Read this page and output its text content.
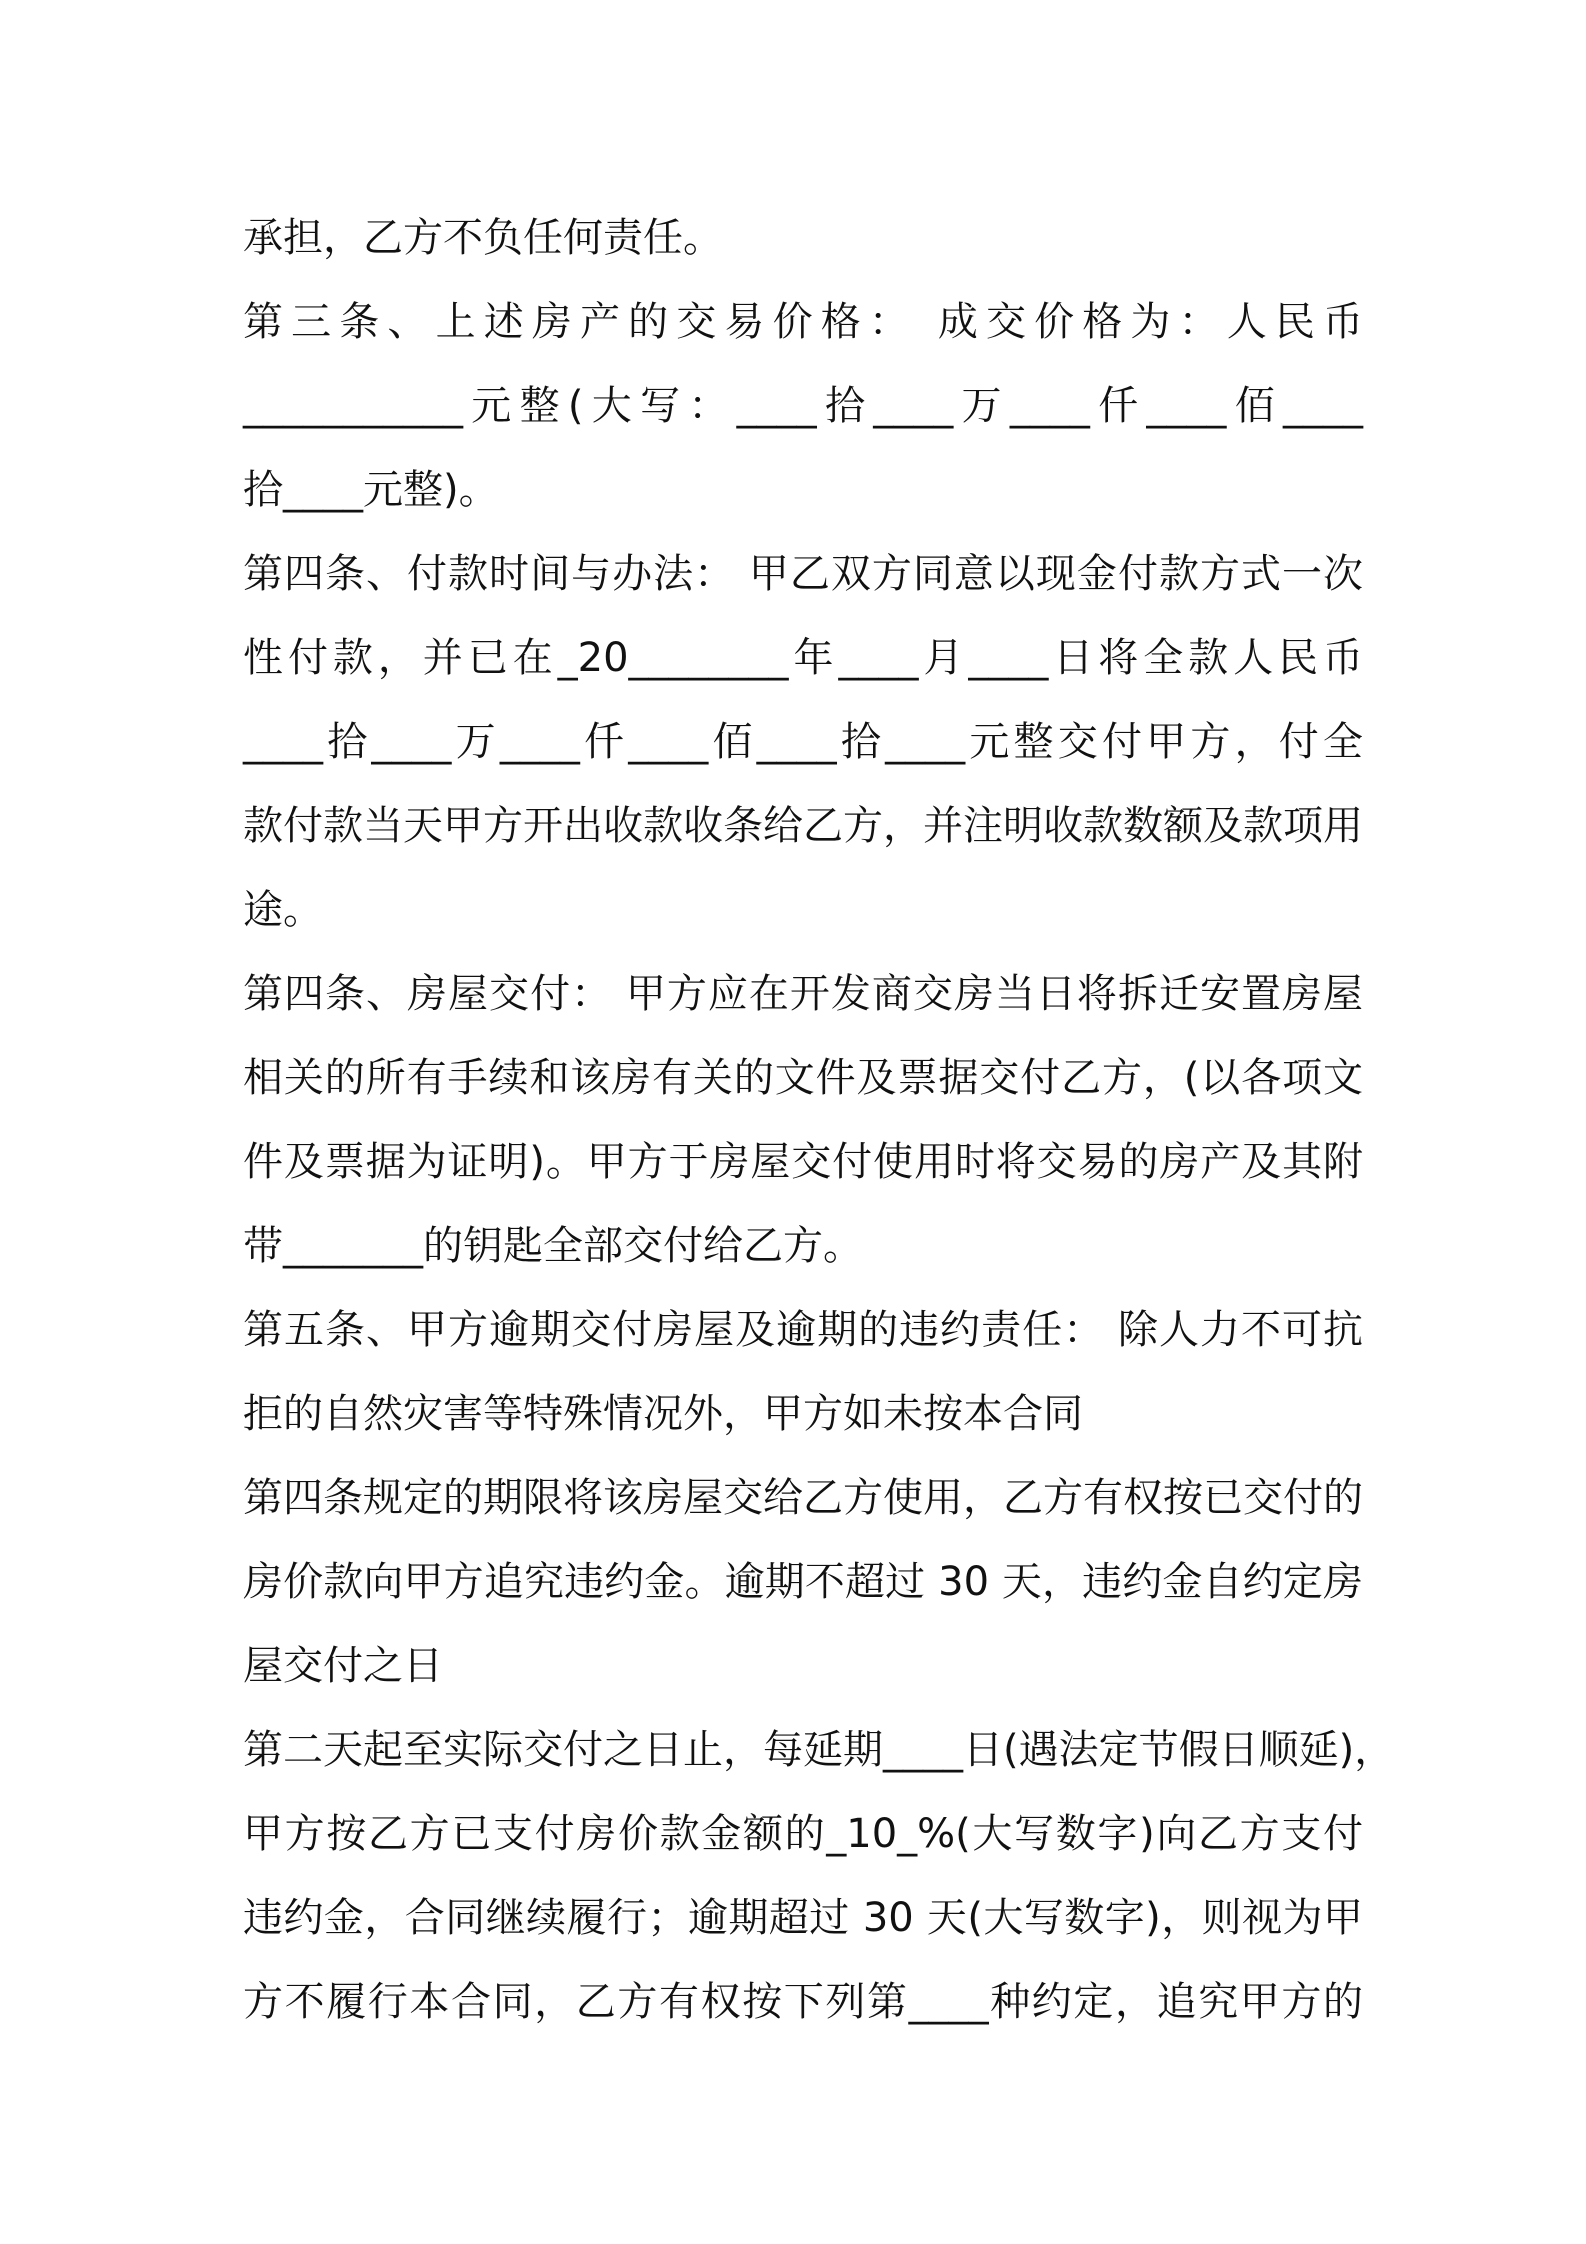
承担，乙方不负任何责任。
第三条、上述房产的交易价格： 成交价格为：人民币
___________元整(大写：____拾____万____仟____佰____
拾____元整)。
第四条、付款时间与办法： 甲乙双方同意以现金付款方式一次
性付款，并已在_20________年____月____日将全款人民币
____拾____万____仟____佰____拾____元整交付甲方，付全
款付款当天甲方开出收款收条给乙方，并注明收款数额及款项用
途。
第四条、房屋交付： 甲方应在开发商交房当日将拆迁安置房屋
相关的所有手续和该房有关的文件及票据交付乙方，(以各项文
件及票据为证明)。甲方于房屋交付使用时将交易的房产及其附
带_______的钥匙全部交付给乙方。
第五条、甲方逾期交付房屋及逾期的违约责任： 除人力不可抗
拒的自然灾害等特殊情况外，甲方如未按本合同
第四条规定的期限将该房屋交给乙方使用，乙方有权按已交付的
房价款向甲方追究违约金。逾期不超过 30 天，违约金自约定房
屋交付之日
第二天起至实际交付之日止，每延期____日(遇法定节假日顺延)，
甲方按乙方已支付房价款金额的_10_%(大写数字)向乙方支付
违约金，合同继续履行；逾期超过 30 天(大写数字)，则视为甲
方不履行本合同，乙方有权按下列第____种约定，追究甲方的
